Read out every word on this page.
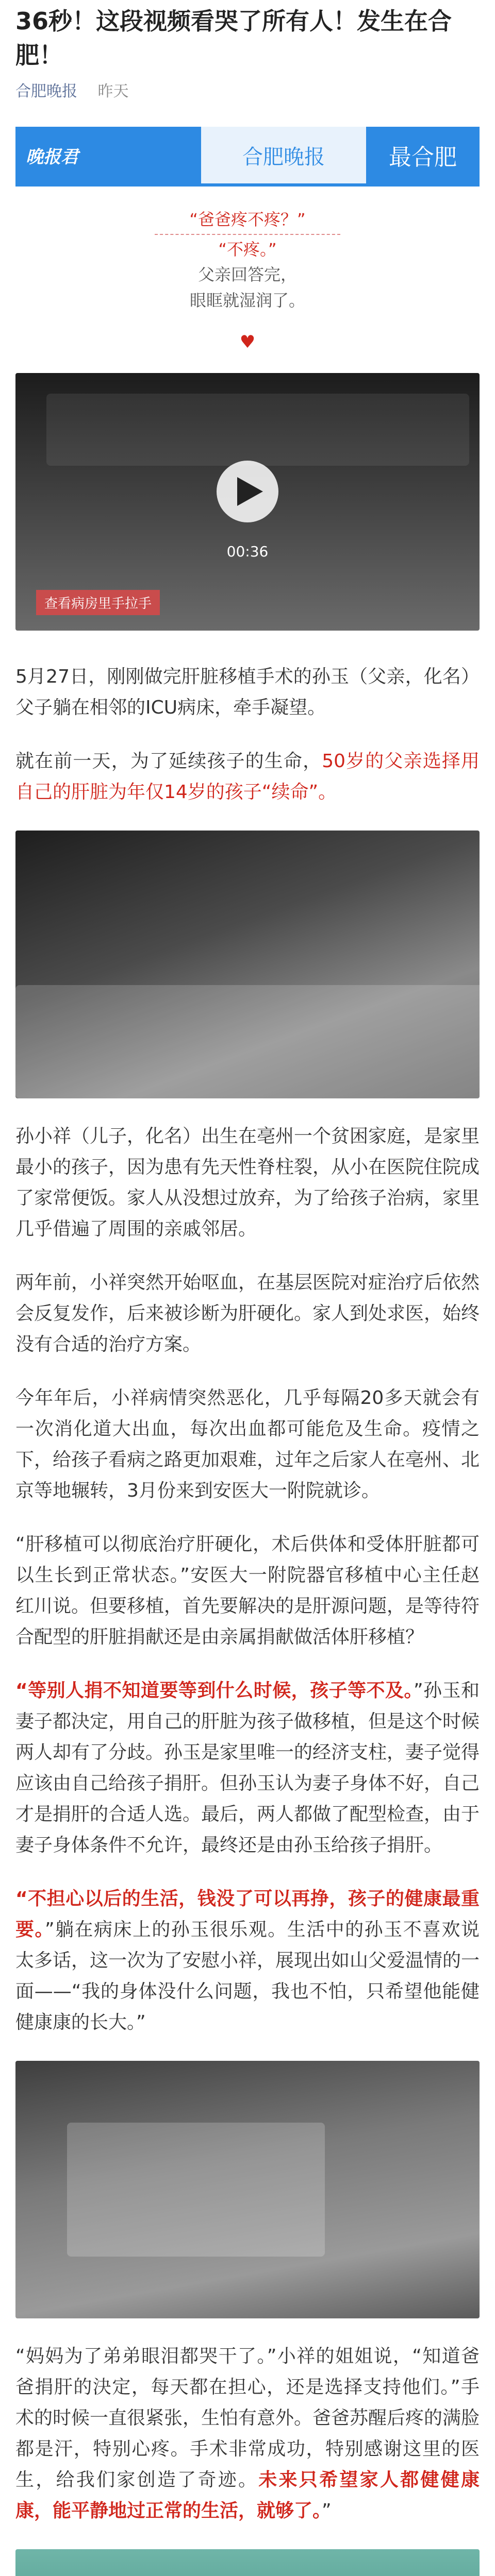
36秒！这段视频看哭了所有人！发生在合肥！
合肥晚报 昨天
晚报君	合肥晚报	最合肥
“爸爸疼不疼？”
“不疼。”
父亲回答完，
眼眶就湿润了。
♥
00:36
查看病房里手拉手

5月27日，刚刚做完肝脏移植手术的孙玉（父亲，化名）父子躺在相邻的ICU病床，牵手凝望。

就在前一天，为了延续孩子的生命，50岁的父亲选择用自己的肝脏为年仅14岁的孩子“续命”。

孙小祥（儿子，化名）出生在亳州一个贫困家庭，是家里最小的孩子，因为患有先天性脊柱裂，从小在医院住院成了家常便饭。家人从没想过放弃，为了给孩子治病，家里几乎借遍了周围的亲戚邻居。

两年前，小祥突然开始呕血，在基层医院对症治疗后依然会反复发作，后来被诊断为肝硬化。家人到处求医，始终没有合适的治疗方案。

今年年后，小祥病情突然恶化，几乎每隔20多天就会有一次消化道大出血，每次出血都可能危及生命。疫情之下，给孩子看病之路更加艰难，过年之后家人在亳州、北京等地辗转，3月份来到安医大一附院就诊。

“肝移植可以彻底治疗肝硬化，术后供体和受体肝脏都可以生长到正常状态。”安医大一附院器官移植中心主任赵红川说。但要移植，首先要解决的是肝源问题，是等待符合配型的肝脏捐献还是由亲属捐献做活体肝移植？

“等别人捐不知道要等到什么时候，孩子等不及。”孙玉和妻子都決定，用自己的肝脏为孩子做移植，但是这个时候两人却有了分歧。孙玉是家里唯一的经济支柱，妻子觉得应该由自己给孩子捐肝。但孙玉认为妻子身体不好，自己才是捐肝的合适人选。最后，两人都做了配型检查，由于妻子身体条件不允许，最终还是由孙玉给孩子捐肝。

“不担心以后的生活，钱没了可以再挣，孩子的健康最重要。”躺在病床上的孙玉很乐观。生活中的孙玉不喜欢说太多话，这一次为了安慰小祥，展现出如山父爱温情的一面——“我的身体没什么问题，我也不怕，只希望他能健健康康的长大。”

“妈妈为了弟弟眼泪都哭干了。”小祥的姐姐说，“知道爸爸捐肝的決定，每天都在担心，还是选择支持他们。”手术的时候一直很紧张，生怕有意外。爸爸苏醒后疼的满脸都是汗，特别心疼。手术非常成功，特别感谢这里的医生，给我们家创造了奇迹。未来只希望家人都健健康康，能平静地过正常的生活，就够了。”
